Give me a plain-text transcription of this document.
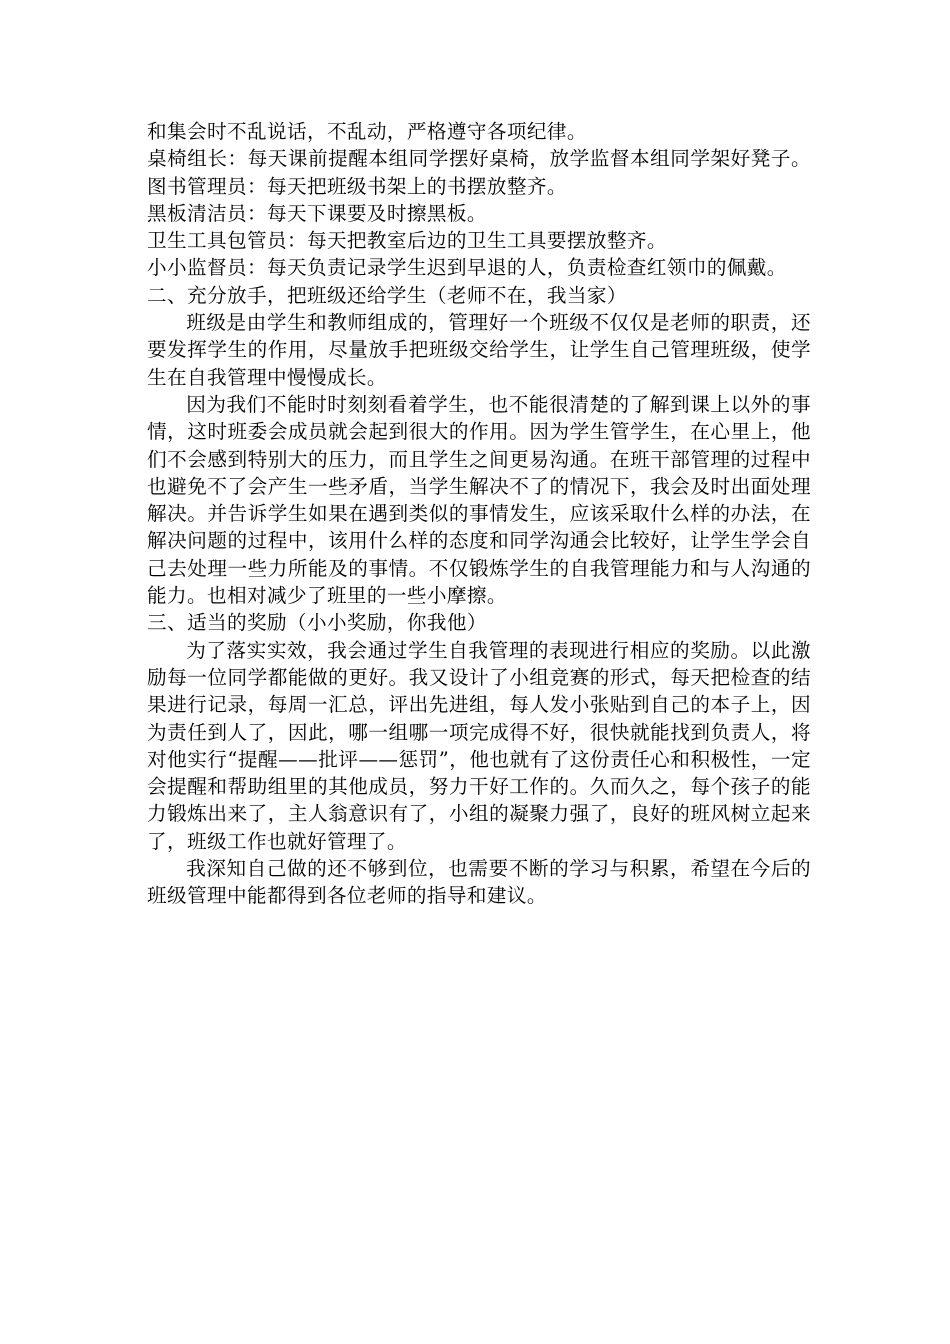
和集会时不乱说话，不乱动，严格遵守各项纪律。

桌椅组长：每天课前提醒本组同学摆好桌椅，放学监督本组同学架好凳子。 图书管理员：每天把班级书架上的书摆放整齐。

黑板清洁员：每天下课要及时擦黑板。

卫生工具包管员：每天把教室后边的卫生工具要摆放整齐。

小小监督员：每天负责记录学生迟到早退的人，负责检查红领巾的佩戴。

二、充分放手，把班级还给学生（老师不在，我当家）

班级是由学生和教师组成的，管理好一个班级不仅仅是老师的职责，还要发挥学生的作用，尽量放手把班级交给学生，让学生自己管理班级，使学生在自我管理中慢慢成长。

因为我们不能时时刻刻看着学生，也不能很清楚的了解到课上以外的事情，这时班委会成员就会起到很大的作用。因为学生管学生，在心里上，他们不会感到特别大的压力，而且学生之间更易沟通。在班干部管理的过程中也避免不了会产生一些矛盾，当学生解决不了的情况下，我会及时出面处理解决。并告诉学生如果在遇到类似的事情发生，应该采取什么样的办法，在解决问题的过程中，该用什么样的态度和同学沟通会比较好，让学生学会自己去处理一些力所能及的事情。不仅锻炼学生的自我管理能力和与人沟通的能力。也相对减少了班里的一些小摩擦。

三、适当的奖励（小小奖励，你我他）

为了落实实效，我会通过学生自我管理的表现进行相应的奖励。以此激励每一位同学都能做的更好。我又设计了小组竞赛的形式，每天把检查的结果进行记录，每周一汇总，评出先进组，每人发小张贴到自己的本子上，因为责任到人了，因此，哪一组哪一项完成得不好，很快就能找到负责人，将对他实行“提醒——批评——惩罚”，他也就有了这份责任心和积极性，一定会提醒和帮助组里的其他成员，努力干好工作的。久而久之，每个孩子的能力锻炼出来了，主人翁意识有了，小组的凝聚力强了，良好的班风树立起来了，班级工作也就好管理了。

我深知自己做的还不够到位，也需要不断的学习与积累，希望在今后的班级管理中能都得到各位老师的指导和建议。
